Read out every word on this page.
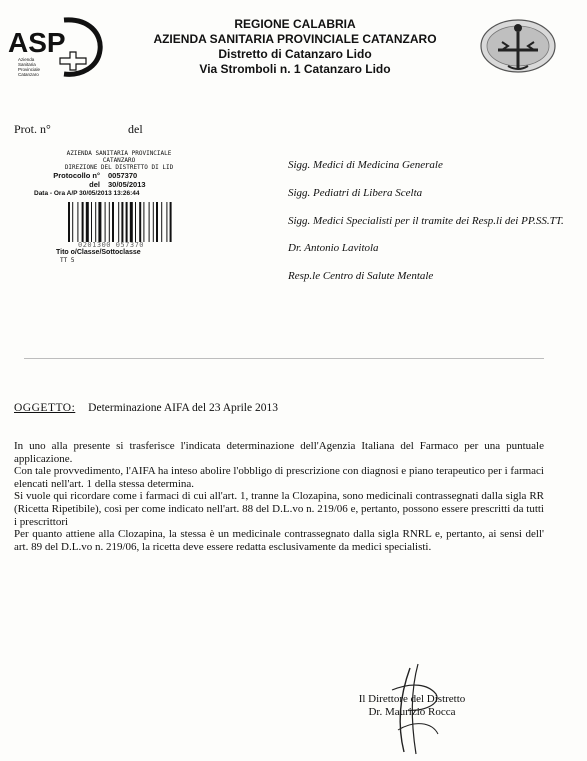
ASP
Azienda
Sanitaria
Provinciale
Catanzaro
REGIONE CALABRIA
AZIENDA SANITARIA PROVINCIALE CATANZARO
Distretto di Catanzaro Lido
Via Stromboli n. 1 Catanzaro Lido
Prot. n°	del
AZIENDA SANITARIA PROVINCIALE
CATANZARO
DIREZIONE DEL DISTRETTO DI LID
Protocollo n°	0057370
del	30/05/2013
Data - Ora A/P 30/05/2013 13:26:44
0201300 057370
Tito o/Classe/Sottoclasse
TT 5
Sigg. Medici di Medicina Generale
Sigg. Pediatri di Libera Scelta
Sigg. Medici Specialisti per il tramite dei Resp.li dei PP.SS.TT.
Dr. Antonio Lavitola
Resp.le Centro di Salute Mentale
OGGETTO: Determinazione AIFA del 23 Aprile 2013

In uno alla presente si trasferisce l'indicata determinazione dell'Agenzia Italiana del Farmaco per una puntuale applicazione.

Con tale provvedimento, l'AIFA ha inteso abolire l'obbligo di prescrizione con diagnosi e piano terapeutico per i farmaci elencati nell'art. 1 della stessa determina.

Si vuole qui ricordare come i farmaci di cui all'art. 1, tranne la Clozapina, sono medicinali contrassegnati dalla sigla RR (Ricetta Ripetibile), così per come indicato nell'art. 88 del D.L.vo n. 219/06 e, pertanto, possono essere prescritti da tutti i prescrittori

Per quanto attiene alla Clozapina, la stessa è un medicinale contrassegnato dalla sigla RNRL e, pertanto, ai sensi dell' art. 89 del D.L.vo n. 219/06, la ricetta deve essere redatta esclusivamente da medici specialisti.

Il Direttore del Distretto
Dr. Maurizio Rocca
